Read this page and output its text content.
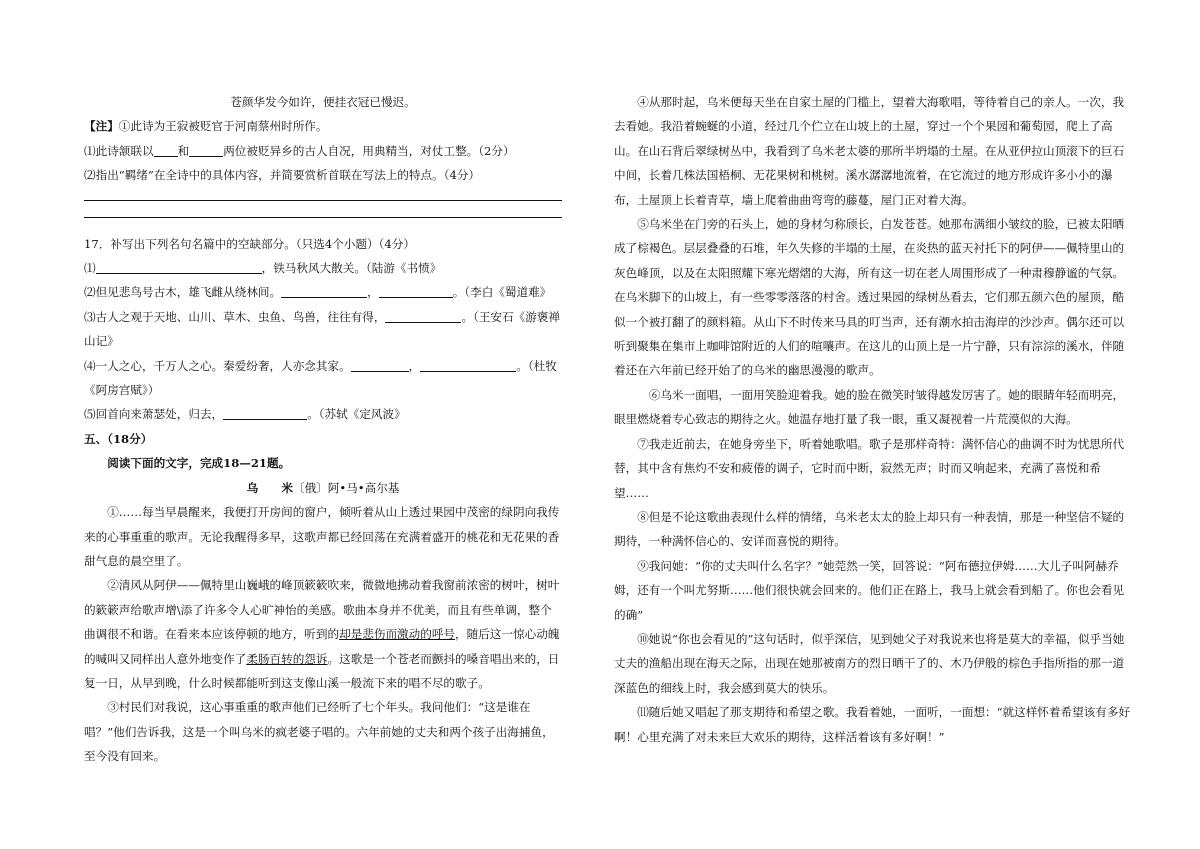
苍颜华发今如许，便挂衣冠已慢迟。

【注】①此诗为王寂被贬官于河南蔡州时所作。

⑴此诗颔联以 和	两位被贬异乡的古人自况，用典精当，对仗工整。（2分）

⑵指出“羁绪”在全诗中的具体内容，并简要赏析首联在写法上的特点。（4分）

17．补写出下列名句名篇中的空缺部分。（只选4个小题）（4分）

⑴	，铁马秋风大散关。（陆游《书愤》

⑵但见悲鸟号古木，雄飞雌从绕林间。	，	。（李白《蜀道难》

⑶古人之观于天地、山川、草木、虫鱼、鸟兽，往往有得，	。（王安石《游褒禅山记》

⑷一人之心，千万人之心。秦爱纷奢，人亦念其家。	，	。（杜牧《阿房宫赋》）

⑸回首向来萧瑟处，归去，	。（苏轼《定风波》

五、（18分）

阅读下面的文字，完成18—21题。

乌　　米〔俄〕阿•马•高尔基

①……每当早晨醒来，我便打开房间的窗户，倾听着从山上透过果园中茂密的绿阴向我传来的心事重重的歌声。无论我醒得多早，这歌声都已经回荡在充满着盛开的桃花和无花果的香甜气息的晨空里了。

②清风从阿伊——佩特里山巍峨的峰顶簌簌吹来，微微地拂动着我窗前浓密的树叶，树叶的簌簌声给歌声增\添了许多令人心旷神怡的美感。歌曲本身并不优美，而且有些单调，整个曲调很不和谐。在看来本应该停顿的地方，听到的却是悲伤而激动的呼号，随后这一惊心动魄的喊叫又同样出人意外地变作了柔肠百转的怨诉。这歌是一个苍老而颤抖的嗓音唱出来的，日复一日，从早到晚，什么时候都能听到这支像山溪一般流下来的唱不尽的歌子。

③村民们对我说，这心事重重的歌声他们已经听了七个年头。我问他们：“这是谁在唱？”他们告诉我，这是一个叫乌米的疯老婆子唱的。六年前她的丈夫和两个孩子出海捕鱼，至今没有回来。

④从那时起，乌米便每天坐在自家土屋的门槛上，望着大海歌唱，等待着自己的亲人。一次，我去看她。我沿着蜿蜒的小道，经过几个伫立在山坡上的土屋，穿过一个个果园和葡萄园，爬上了高山。在山石背后翠绿树丛中，我看到了乌米老太婆的那所半坍塌的土屋。在从亚伊拉山顶滚下的巨石中间，长着几株法国梧桐、无花果树和桃树。溪水潺潺地流着，在它流过的地方形成许多小小的瀑布，土屋顶上长着青草，墙上爬着曲曲弯弯的藤蔓，屋门正对着大海。

⑤乌米坐在门旁的石头上，她的身材匀称颀长，白发苍苍。她那布满细小皱纹的脸，已被太阳晒成了棕褐色。层层叠叠的石堆，年久失修的半塌的土屋，在炎热的蓝天衬托下的阿伊——佩特里山的灰色峰顶，以及在太阳照耀下寒光熠熠的大海，所有这一切在老人周围形成了一种肃穆静谧的气氛。在乌米脚下的山坡上，有一些零零落落的村舍。透过果园的绿树丛看去，它们那五颜六色的屋顶，酷似一个被打翻了的颜料箱。从山下不时传来马具的叮当声，还有潮水拍击海岸的沙沙声。偶尔还可以听到聚集在集市上咖啡馆附近的人们的喧嚷声。在这儿的山顶上是一片宁静，只有淙淙的溪水，伴随着还在六年前已经开始了的乌米的幽思漫漫的歌声。

⑥乌米一面唱，一面用笑脸迎着我。她的脸在微笑时皱得越发厉害了。她的眼睛年轻而明亮，眼里燃烧着专心致志的期待之火。她温存地打量了我一眼，重又凝视着一片荒漠似的大海。

⑦我走近前去，在她身旁坐下，听着她歌唱。歌子是那样奇特：满怀信心的曲调不时为忧思所代替，其中含有焦灼不安和疲倦的调子，它时而中断，寂然无声；时而又响起来，充满了喜悦和希望……

⑧但是不论这歌曲表现什么样的情绪，乌米老太太的脸上却只有一种表情，那是一种坚信不疑的期待，一种满怀信心的、安详而喜悦的期待。

⑨我问她：“你的丈夫叫什么名字？”她莞然一笑，回答说：“阿布德拉伊姆……大儿子叫阿赫乔姆，还有一个叫尤努斯……他们很快就会回来的。他们正在路上，我马上就会看到船了。你也会看见的确”

⑩她说“你也会看见的”这句话时，似乎深信，见到她父子对我说来也将是莫大的幸福，似乎当她丈夫的渔船出现在海天之际，出现在她那被南方的烈日晒干了的、木乃伊般的棕色手指所指的那一道深蓝色的细线上时，我会感到莫大的快乐。

⑾随后她又唱起了那支期待和希望之歌。我看着她，一面听，一面想：“就这样怀着希望该有多好啊！心里充满了对未来巨大欢乐的期待，这样活着该有多好啊！”
